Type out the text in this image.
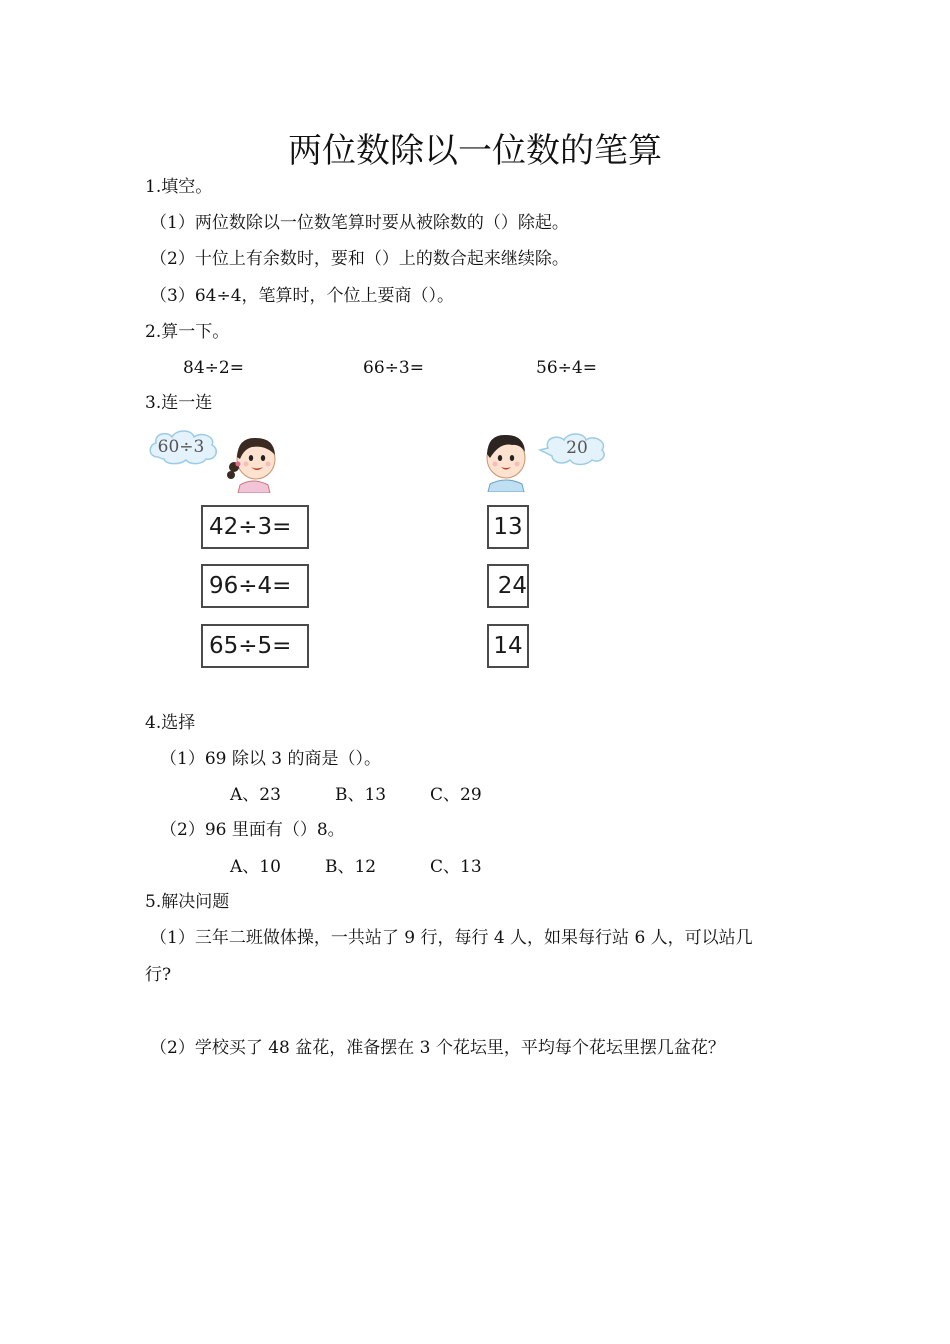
两位数除以一位数的笔算
1.填空。
（1）两位数除以一位数笔算时要从被除数的（）除起。
（2）十位上有余数时，要和（）上的数合起来继续除。
（3）64÷4，笔算时，个位上要商（）。
2.算一下。
84÷2=	66÷3=	56÷4=
3.连一连
60÷3	20
42÷3=
96÷4=
65÷5=
13
24
14
4.选择
（1）69 除以 3 的商是（）。
A、23	B、13	C、29
（2）96 里面有（）8。
A、10	B、12	C、13
5.解决问题
（1）三年二班做体操，一共站了 9 行，每行 4 人，如果每行站 6 人，可以站几
行?
（2）学校买了 48 盆花，准备摆在 3 个花坛里，平均每个花坛里摆几盆花？
